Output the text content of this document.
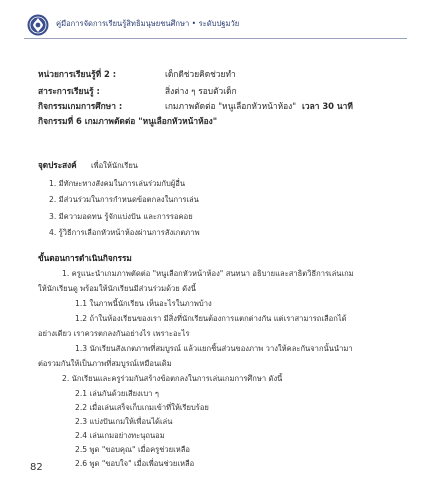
คู่มือการจัดการเรียนรู้สิทธิมนุษยชนศึกษา • ระดับปฐมวัย
หน่วยการเรียนรู้ที่ 2 :	เด็กดีช่วยคิดช่วยทำ
สาระการเรียนรู้ :	สิ่งต่าง ๆ รอบตัวเด็ก
กิจกรรมเกมการศึกษา :	เกมภาพตัดต่อ "หนูเลือกหัวหน้าห้อง" เวลา 30 นาที
กิจกรรมที่ 6 เกมภาพตัดต่อ "หนูเลือกหัวหน้าห้อง"
จุดประสงค์ เพื่อให้นักเรียน
1. มีทักษะทางสังคมในการเล่นร่วมกับผู้อื่น
2. มีส่วนร่วมในการกำหนดข้อตกลงในการเล่น
3. มีความอดทน รู้จักแบ่งปัน และการรอคอย
4. รู้วิธีการเลือกหัวหน้าห้องผ่านการสังเกตภาพ
ขั้นตอนการดำเนินกิจกรรม
82
1. ครูแนะนำเกมภาพตัดต่อ "หนูเลือกหัวหน้าห้อง" สนทนา อธิบายและสาธิตวิธีการเล่นเกม
ให้นักเรียนดู พร้อมให้นักเรียนมีส่วนร่วมด้วย ดังนี้
1.1 ในภาพนี้นักเรียน เห็นอะไรในภาพบ้าง
1.2 ถ้าในห้องเรียนของเรา มีสิ่งที่นักเรียนต้องการแตกต่างกัน แต่เราสามารถเลือกได้
อย่างเดียว เราควรตกลงกันอย่างไร เพราะอะไร
1.3 นักเรียนสังเกตภาพที่สมบูรณ์ แล้วแยกชิ้นส่วนของภาพ วางให้คละกันจากนั้นนำมา
ต่อรวมกันให้เป็นภาพที่สมบูรณ์เหมือนเดิม
2. นักเรียนและครูร่วมกันสร้างข้อตกลงในการเล่นเกมการศึกษา ดังนี้
2.1 เล่นกันด้วยเสียงเบา ๆ
2.2 เมื่อเล่นเสร็จเก็บเกมเข้าที่ให้เรียบร้อย
2.3 แบ่งปันเกมให้เพื่อนได้เล่น
2.4 เล่นเกมอย่างทะนุถนอม
2.5 พูด "ขอบคุณ" เมื่อครูช่วยเหลือ
2.6 พูด "ขอบใจ" เมื่อเพื่อนช่วยเหลือ
